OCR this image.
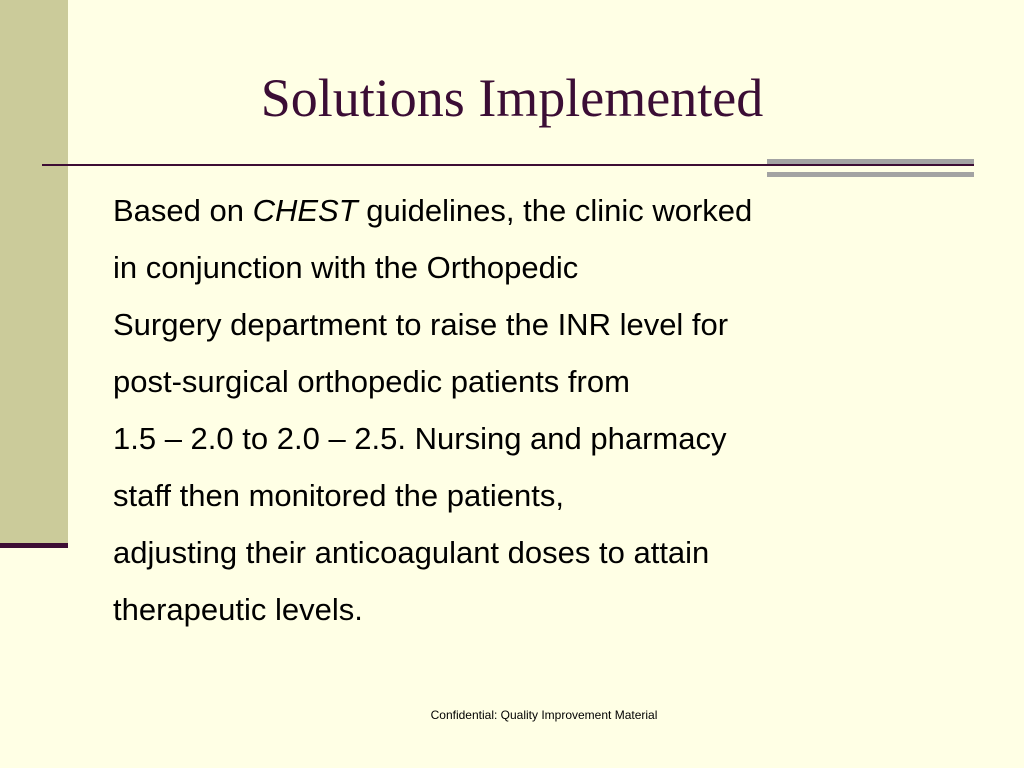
Solutions Implemented
Based on CHEST guidelines, the clinic worked
in conjunction with the Orthopedic
Surgery department to raise the INR level for
post-surgical orthopedic patients from
1.5 – 2.0 to 2.0 – 2.5. Nursing and pharmacy
staff then monitored the patients,
adjusting their anticoagulant doses to attain
therapeutic levels.
Confidential: Quality Improvement Material
